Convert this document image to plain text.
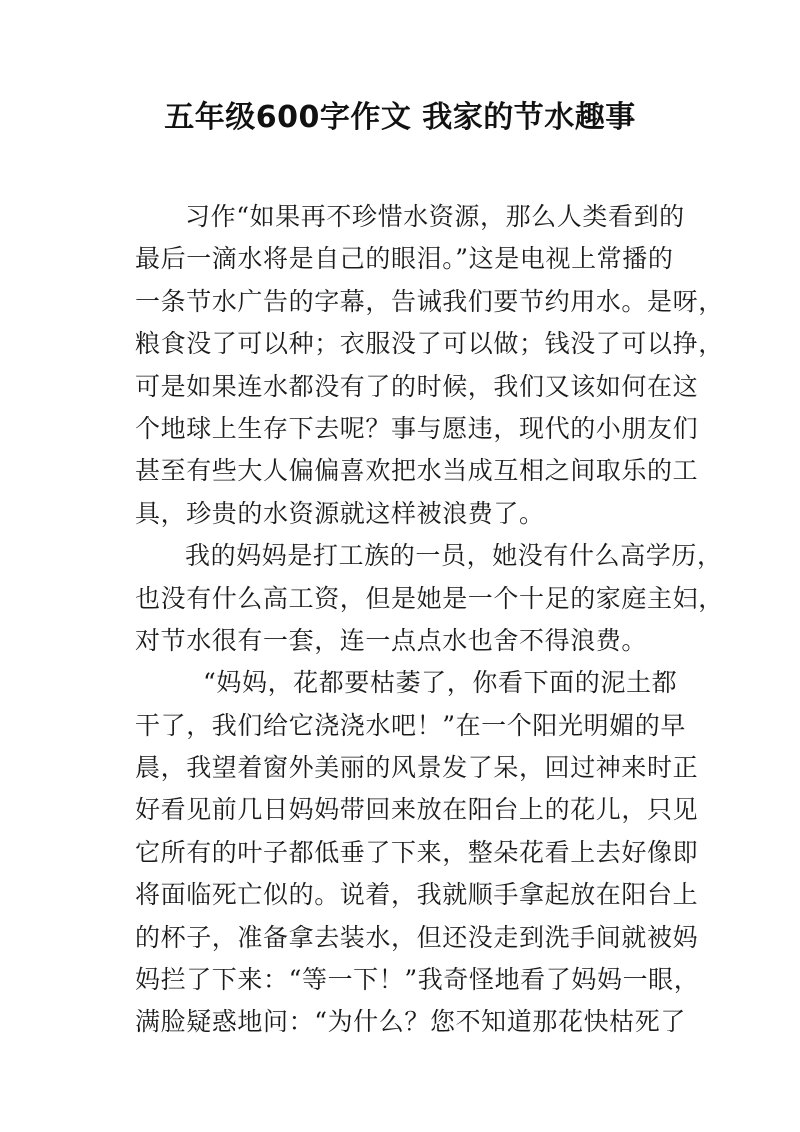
五年级600字作文 我家的节水趣事
习作“如果再不珍惜水资源，那么人类看到的
最后一滴水将是自己的眼泪。”这是电视上常播的
一条节水广告的字幕，告诫我们要节约用水。是呀，
粮食没了可以种；衣服没了可以做；钱没了可以挣，
可是如果连水都没有了的时候，我们又该如何在这
个地球上生存下去呢？事与愿违，现代的小朋友们
甚至有些大人偏偏喜欢把水当成互相之间取乐的工
具，珍贵的水资源就这样被浪费了。
我的妈妈是打工族的一员，她没有什么高学历，
也没有什么高工资，但是她是一个十足的家庭主妇，
对节水很有一套，连一点点水也舍不得浪费。
“妈妈，花都要枯萎了，你看下面的泥土都
干了，我们给它浇浇水吧！”在一个阳光明媚的早
晨，我望着窗外美丽的风景发了呆，回过神来时正
好看见前几日妈妈带回来放在阳台上的花儿，只见
它所有的叶子都低垂了下来，整朵花看上去好像即
将面临死亡似的。说着，我就顺手拿起放在阳台上
的杯子，准备拿去装水，但还没走到洗手间就被妈
妈拦了下来：“等一下！”我奇怪地看了妈妈一眼，
满脸疑惑地问：“为什么？您不知道那花快枯死了
